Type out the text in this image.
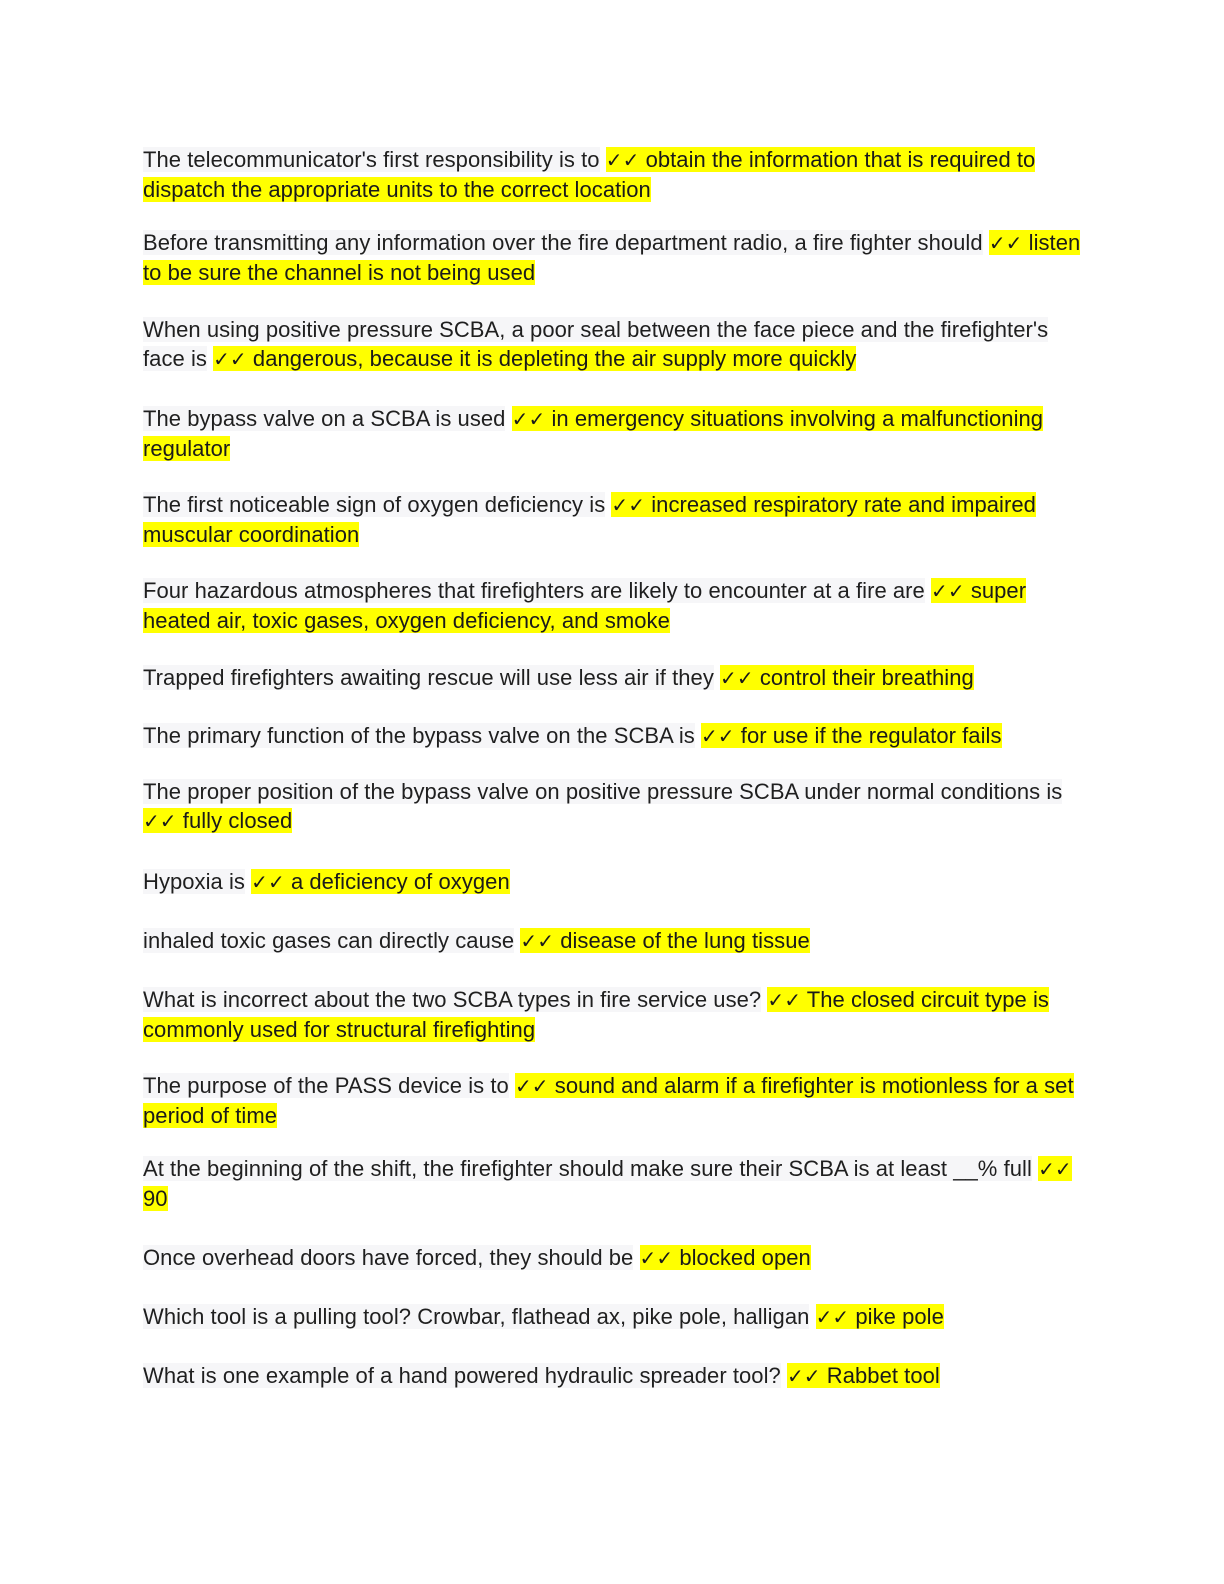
The telecommunicator's first responsibility is to ✓✓ obtain the information that is required to dispatch the appropriate units to the correct location

Before transmitting any information over the fire department radio, a fire fighter should ✓✓ listen to be sure the channel is not being used

When using positive pressure SCBA, a poor seal between the face piece and the firefighter's face is ✓✓ dangerous, because it is depleting the air supply more quickly

The bypass valve on a SCBA is used ✓✓ in emergency situations involving a malfunctioning regulator

The first noticeable sign of oxygen deficiency is ✓✓ increased respiratory rate and impaired muscular coordination

Four hazardous atmospheres that firefighters are likely to encounter at a fire are ✓✓ super heated air, toxic gases, oxygen deficiency, and smoke

Trapped firefighters awaiting rescue will use less air if they ✓✓ control their breathing

The primary function of the bypass valve on the SCBA is ✓✓ for use if the regulator fails

The proper position of the bypass valve on positive pressure SCBA under normal conditions is ✓✓ fully closed

Hypoxia is ✓✓ a deficiency of oxygen

inhaled toxic gases can directly cause ✓✓ disease of the lung tissue

What is incorrect about the two SCBA types in fire service use? ✓✓ The closed circuit type is commonly used for structural firefighting

The purpose of the PASS device is to ✓✓ sound and alarm if a firefighter is motionless for a set period of time

At the beginning of the shift, the firefighter should make sure their SCBA is at least __% full ✓✓ 90

Once overhead doors have forced, they should be ✓✓ blocked open

Which tool is a pulling tool? Crowbar, flathead ax, pike pole, halligan ✓✓ pike pole

What is one example of a hand powered hydraulic spreader tool? ✓✓ Rabbet tool
